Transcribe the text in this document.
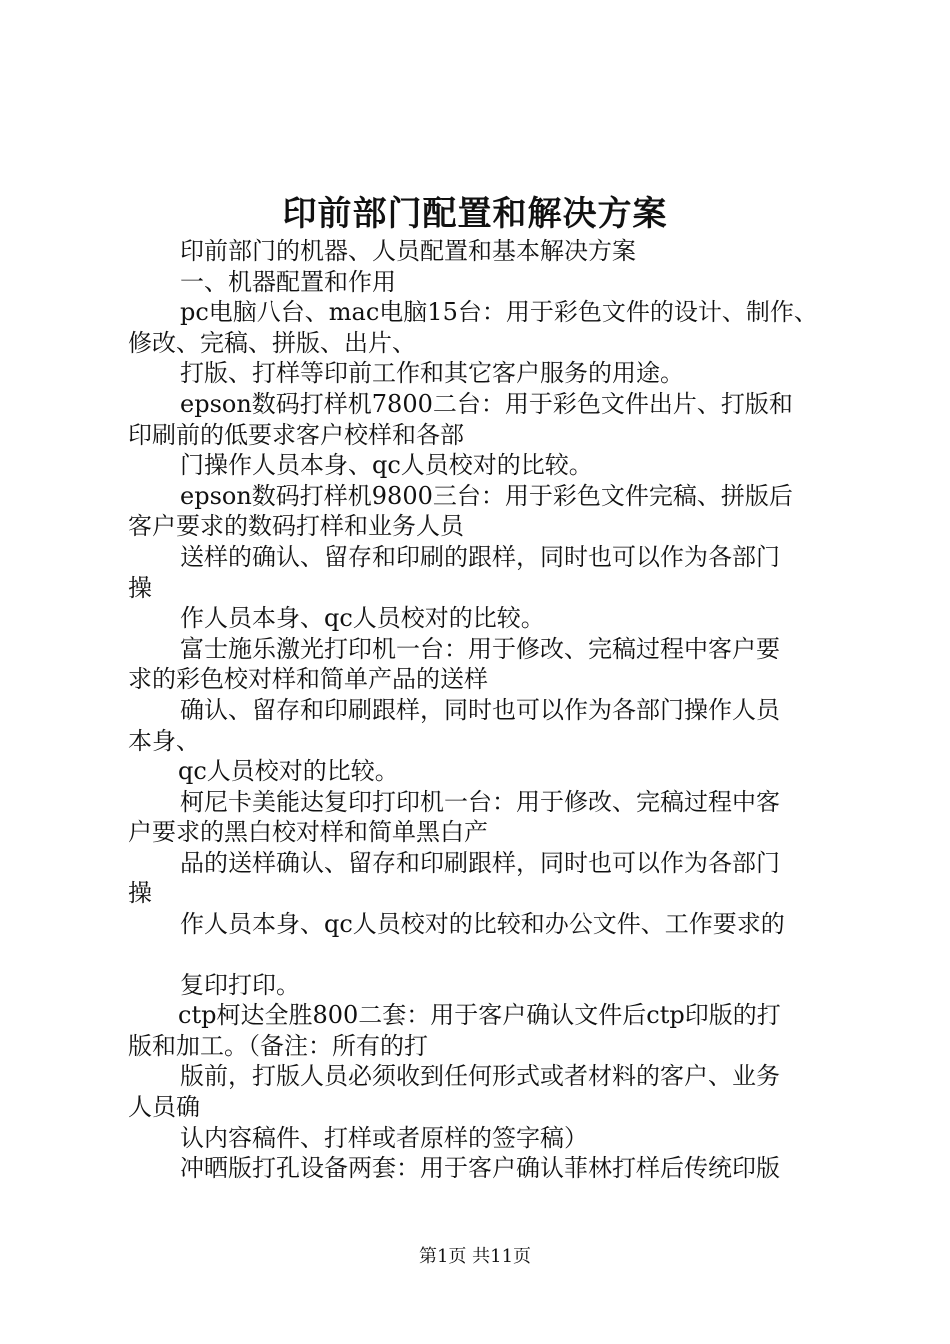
印前部门配置和解决方案
印前部门的机器、人员配置和基本解决方案
一、机器配置和作用
pc电脑八台、mac电脑15台：用于彩色文件的设计、制作、
修改、完稿、拼版、出片、
打版、打样等印前工作和其它客户服务的用途。
epson数码打样机7800二台：用于彩色文件出片、打版和
印刷前的低要求客户校样和各部
门操作人员本身、qc人员校对的比较。
epson数码打样机9800三台：用于彩色文件完稿、拼版后
客户要求的数码打样和业务人员
送样的确认、留存和印刷的跟样，同时也可以作为各部门
操
作人员本身、qc人员校对的比较。
富士施乐激光打印机一台：用于修改、完稿过程中客户要
求的彩色校对样和简单产品的送样
确认、留存和印刷跟样，同时也可以作为各部门操作人员
本身、
qc人员校对的比较。
柯尼卡美能达复印打印机一台：用于修改、完稿过程中客
户要求的黑白校对样和简单黑白产
品的送样确认、留存和印刷跟样，同时也可以作为各部门
操
作人员本身、qc人员校对的比较和办公文件、工作要求的
复印打印。
ctp柯达全胜800二套：用于客户确认文件后ctp印版的打
版和加工。（备注：所有的打
版前，打版人员必须收到任何形式或者材料的客户、业务
人员确
认内容稿件、打样或者原样的签字稿）
冲晒版打孔设备两套：用于客户确认菲林打样后传统印版
第1页 共11页
